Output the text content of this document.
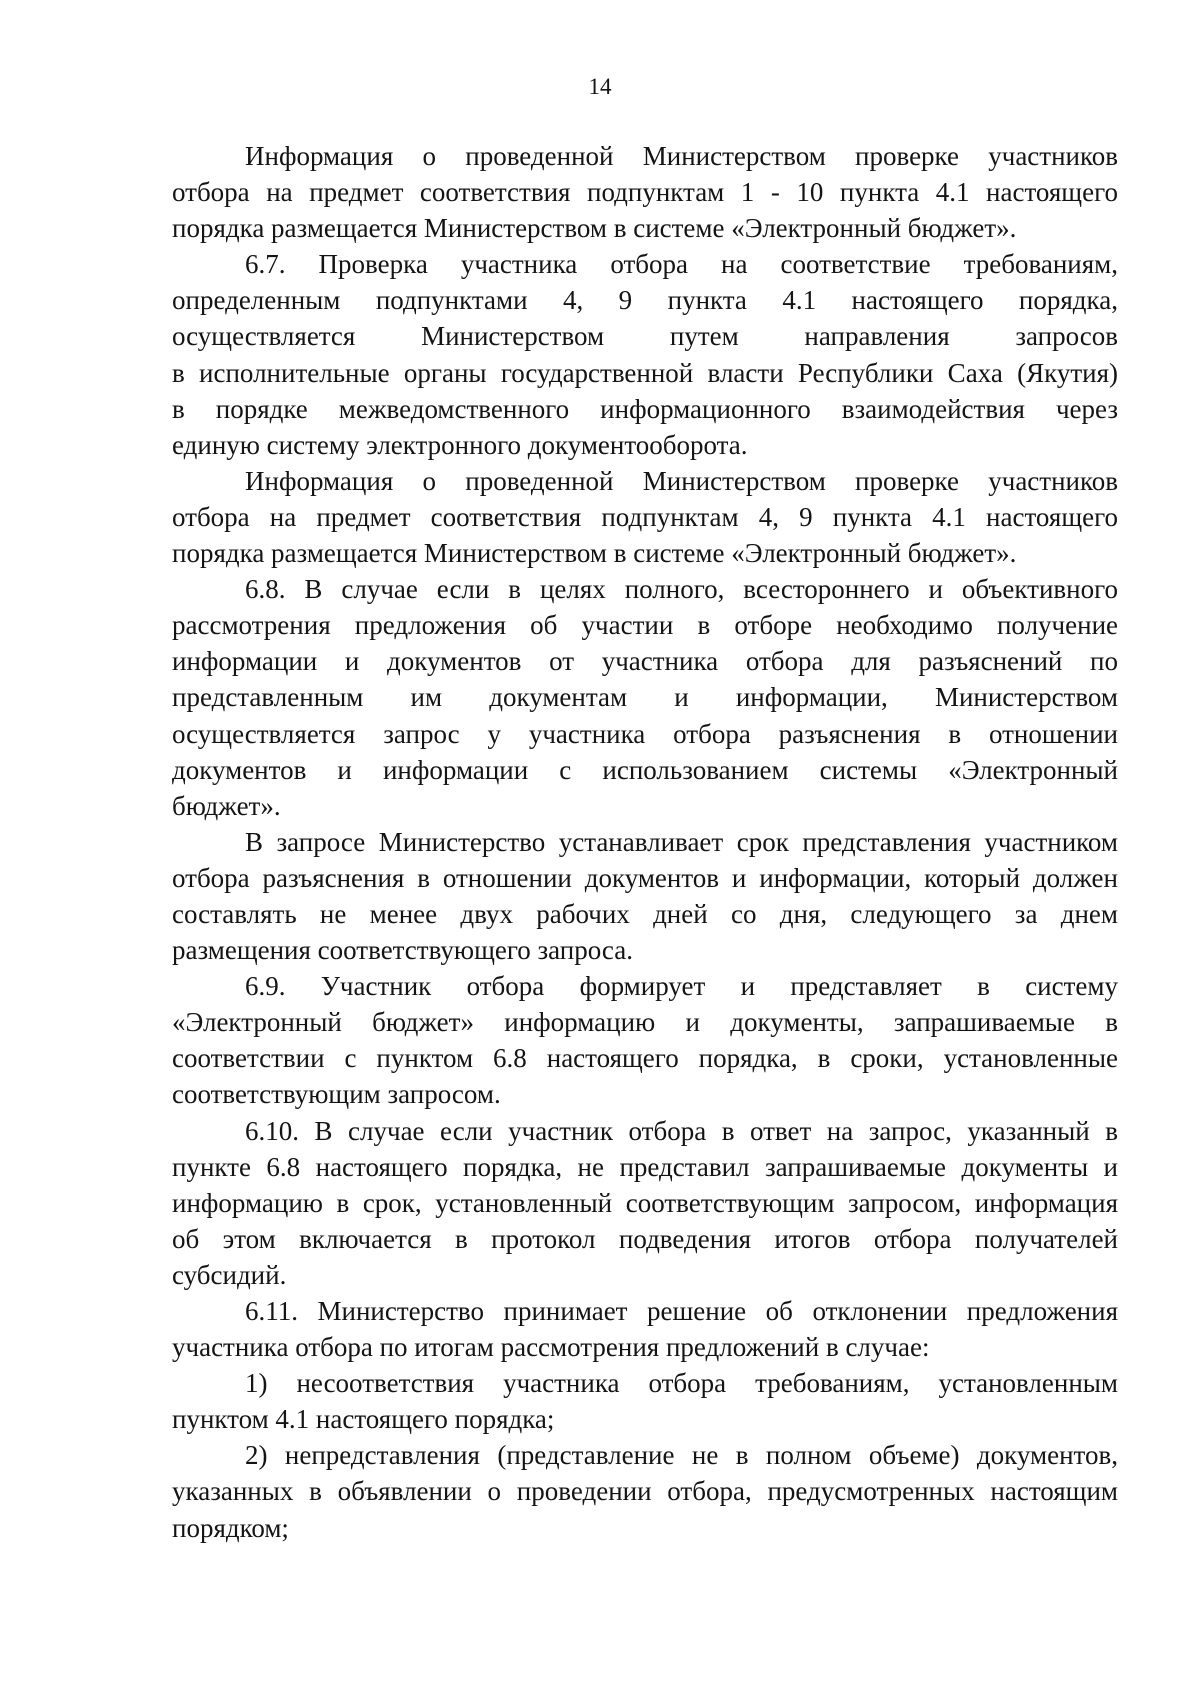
14
Информация о проведенной Министерством проверке участников
отбора на предмет соответствия подпунктам 1 - 10 пункта 4.1 настоящего
порядка размещается Министерством в системе «Электронный бюджет».
6.7. Проверка участника отбора на соответствие требованиям,
определенным подпунктами 4, 9 пункта 4.1 настоящего порядка,
осуществляется Министерством путем направления запросов
в исполнительные органы государственной власти Республики Саха (Якутия)
в порядке межведомственного информационного взаимодействия через
единую систему электронного документооборота.
Информация о проведенной Министерством проверке участников
отбора на предмет соответствия подпунктам 4, 9 пункта 4.1 настоящего
порядка размещается Министерством в системе «Электронный бюджет».
6.8. В случае если в целях полного, всестороннего и объективного
рассмотрения предложения об участии в отборе необходимо получение
информации и документов от участника отбора для разъяснений по
представленным им документам и информации, Министерством
осуществляется запрос у участника отбора разъяснения в отношении
документов и информации с использованием системы «Электронный
бюджет».
В запросе Министерство устанавливает срок представления участником
отбора разъяснения в отношении документов и информации, который должен
составлять не менее двух рабочих дней со дня, следующего за днем
размещения соответствующего запроса.
6.9. Участник отбора формирует и представляет в систему
«Электронный бюджет» информацию и документы, запрашиваемые в
соответствии с пунктом 6.8 настоящего порядка, в сроки, установленные
соответствующим запросом.
6.10. В случае если участник отбора в ответ на запрос, указанный в
пункте 6.8 настоящего порядка, не представил запрашиваемые документы и
информацию в срок, установленный соответствующим запросом, информация
об этом включается в протокол подведения итогов отбора получателей
субсидий.
6.11. Министерство принимает решение об отклонении предложения
участника отбора по итогам рассмотрения предложений в случае:
1) несоответствия участника отбора требованиям, установленным
пунктом 4.1 настоящего порядка;
2) непредставления (представление не в полном объеме) документов,
указанных в объявлении о проведении отбора, предусмотренных настоящим
порядком;
